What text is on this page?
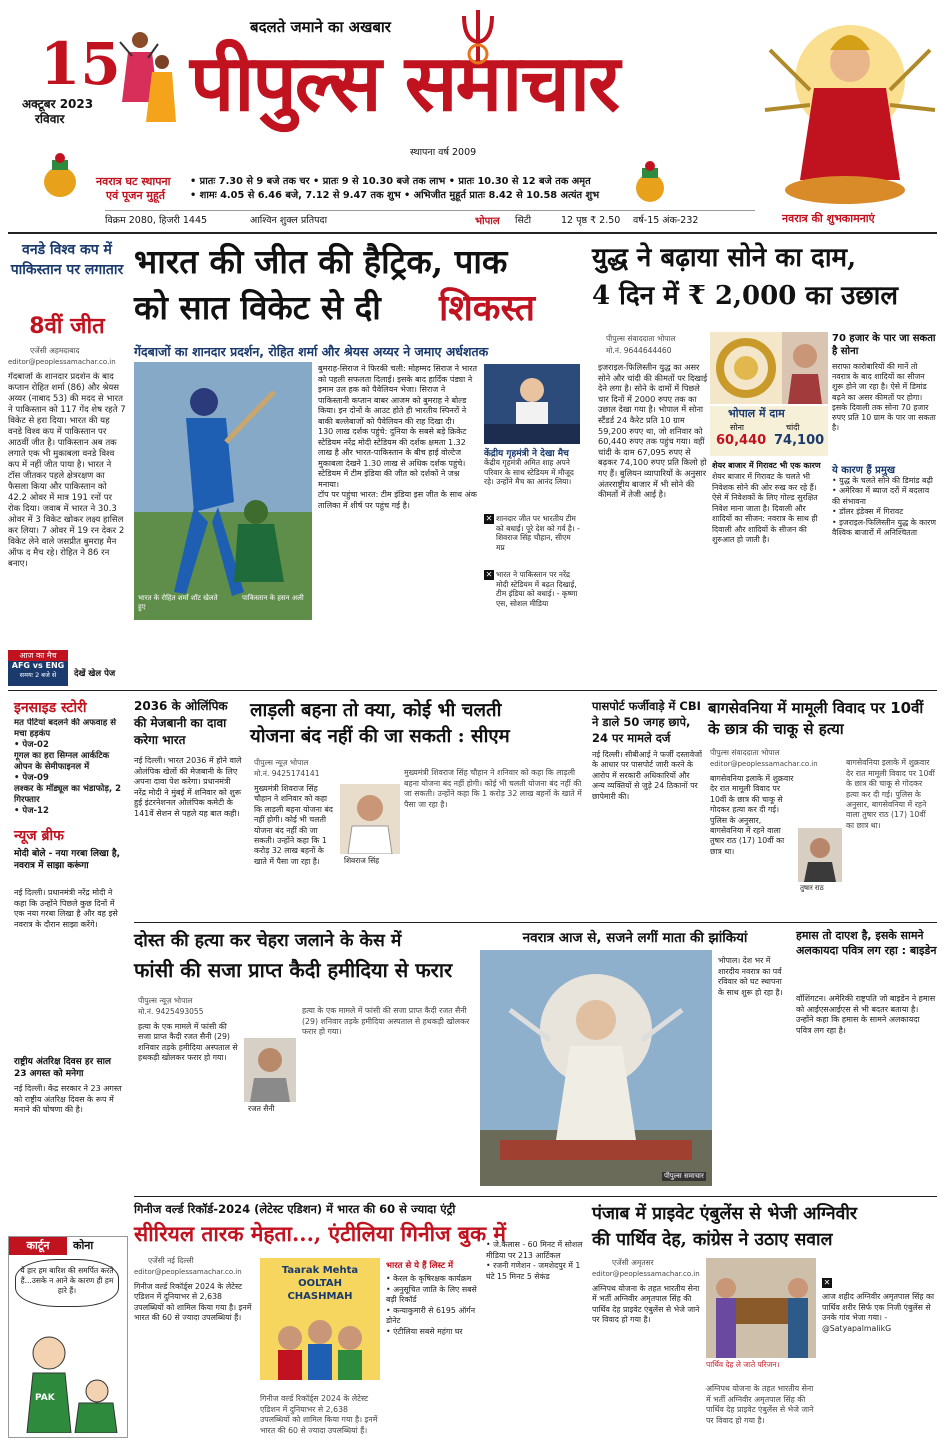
15
अक्टूबर 2023
रविवार
बदलते जमाने का अखबार
पीपुल्स समाचार
स्थापना वर्ष 2009
नवरात्र घट स्थापना
एवं पूजन मुहूर्त
• प्रातः 7.30 से 9 बजे तक चर • प्रातः 9 से 10.30 बजे तक लाभ • प्रातः 10.30 से 12 बजे तक अमृत
• शामः 4.05 से 6.46 बजे, 7.12 से 9.47 तक शुभ • अभिजीत मुहूर्त प्रातः 8.42 से 10.58 अत्यंत शुभ
विक्रम 2080, हिजरी 1445	आश्विन शुक्ल प्रतिपदा	भोपाल सिटी	12 पृष्ठ ₹ 2.50 वर्ष-15 अंक-232	नवरात्र की शुभकामनाएं
वनडे विश्व कप में पाकिस्तान पर लगातार
8वीं जीत
एजेंसी अहमदाबाद
editor@peoplessamachar.co.in
गेंदबाजों के शानदार प्रदर्शन के बाद कप्तान रोहित शर्मा (86) और श्रेयस अय्यर (नाबाद 53) की मदद से भारत ने पाकिस्तान को 117 गेंद शेष रहते 7 विकेट से हरा दिया। भारत की यह वनडे विश्व कप में पाकिस्तान पर आठवीं जीत है। पाकिस्तान अब तक लगाते एक भी मुकाबला वनडे विश्व कप में नहीं जीत पाया है। भारत ने टॉस जीतकर पहले क्षेत्ररक्षण का फैसला किया और पाकिस्तान को 42.2 ओवर में मात्र 191 रनों पर रोक दिया। जवाब में भारत ने 30.3 ओवर में 3 विकेट खोकर लक्ष्य हासिल कर लिया। 7 ओवर में 19 रन देकर 2 विकेट लेने वाले जसप्रीत बुमराह मैन ऑफ द मैच रहे। रोहित ने 86 रन बनाए।
आज का मैच
AFG vs ENG
समयः 2 बजे से	देखें खेल पेज
भारत की जीत की हैट्रिक, पाक
को सात विकेट से दी शिकस्त
गेंदबाजों का शानदार प्रदर्शन, रोहित शर्मा और श्रेयस अय्यर ने जमाए अर्धशतक
भारत के रोहित शर्मा शॉट खेलते हुए
पाकिस्तान के हसन अली
बुमराह-सिराज ने फिरकी चली: मोहम्मद सिराज ने भारत को पहली सफलता दिलाई। इसके बाद हार्दिक पंड्या ने इमाम उल हक को पैवेलियन भेजा। सिराज ने पाकिस्तानी कप्तान बाबर आजम को बुमराह ने बोल्ड किया। इन दोनों के आउट होते ही भारतीय स्पिनरों ने बाकी बल्लेबाजों को पैवेलियन की राह दिखा दी।
130 लाख दर्शक पहुंचे: दुनिया के सबसे बड़े क्रिकेट स्टेडियम नरेंद्र मोदी स्टेडियम की दर्शक क्षमता 1.32 लाख है और भारत-पाकिस्तान के बीच हाई वोल्टेज मुकाबला देखने 1.30 लाख से अधिक दर्शक पहुंचे। स्टेडियम में टीम इंडिया की जीत को दर्शकों ने जश्न मनाया।
टॉप पर पहुंचा भारत: टीम इंडिया इस जीत के साथ अंक तालिका में शीर्ष पर पहुंच गई है।
केंद्रीय गृहमंत्री ने देखा मैच
केंद्रीय गृहमंत्री अमित शाह अपने परिवार के साथ स्टेडियम में मौजूद रहे। उन्होंने मैच का आनंद लिया।
✕ शानदार जीत पर भारतीय टीम को बधाई। पूरे देश को गर्व है। - शिवराज सिंह चौहान, सीएम मप्र
✕ भारत ने पाकिस्तान पर नरेंद्र मोदी स्टेडियम में बढ़त दिखाई, टीम इंडिया को बधाई। - कृष्णा एस, सोशल मीडिया
युद्ध ने बढ़ाया सोने का दाम,
4 दिन में ₹ 2,000 का उछाल
पीपुल्स संवाददाता भोपाल
मो.नं. 9644644460
इजराइल-फिलिस्तीन युद्ध का असर सोने और चांदी की कीमतों पर दिखाई देने लगा है। सोने के दामों में पिछले चार दिनों में 2000 रुपए तक का उछाल देखा गया है। भोपाल में सोना स्टैंडर्ड 24 कैरेट प्रति 10 ग्राम 59,200 रुपए था, जो शनिवार को 60,440 रुपए तक पहुंच गया। वहीं चांदी के दाम 67,095 रुपए से बढ़कर 74,100 रुपए प्रति किलो हो गए हैं। बुलियन व्यापारियों के अनुसार अंतरराष्ट्रीय बाजार में भी सोने की कीमतों में तेजी आई है।
भोपाल में दाम
सोना
60,440
चांदी
74,100
शेयर बाजार में गिरावट भी एक कारण
शेयर बाजार में गिरावट के चलते भी निवेशक सोने की ओर रुख कर रहे हैं। ऐसे में निवेशकों के लिए गोल्ड सुरक्षित निवेश माना जाता है। दिवाली और शादियों का सीजन: नवरात्र के साथ ही दिवाली और शादियों के सीजन की शुरुआत हो जाती है।
70 हजार के पार जा सकता है सोना
सराफा कारोबारियों की मानें तो नवरात्र के बाद शादियों का सीजन शुरू होने जा रहा है। ऐसे में डिमांड बढ़ने का असर कीमतों पर होगा। इसके दिवाली तक सोना 70 हजार रुपए प्रति 10 ग्राम के पार जा सकता है।
ये कारण हैं प्रमुख
• युद्ध के चलते सोने की डिमांड बढ़ी
• अमेरिका में ब्याज दरों में बदलाव की संभावना
• डॉलर इंडेक्स में गिरावट
• इजराइल-फिलिस्तीन युद्ध के कारण वैश्विक बाजारों में अनिश्चितता
इनसाइड स्टोरी
मत पेटियां बदलने की अफवाह से मचा हड़कंप
• पेज-02
गूगल का हरा सिग्नल आर्कटिक ओपन के सेमीफाइनल में
• पेज-09
लश्कर के मॉड्यूल का भंडाफोड़, 2 गिरफ्तार
• पेज-12
न्यूज ब्रीफ
मोदी बोले - नया गरबा लिखा है, नवरात्र में साझा करूंगा
नई दिल्ली। प्रधानमंत्री नरेंद्र मोदी ने कहा कि उन्होंने पिछले कुछ दिनों में एक नया गरबा लिखा है और वह इसे नवरात्र के दौरान साझा करेंगे।
राष्ट्रीय अंतरिक्ष दिवस हर साल 23 अगस्त को मनेगा
नई दिल्ली। केंद्र सरकार ने 23 अगस्त को राष्ट्रीय अंतरिक्ष दिवस के रूप में मनाने की घोषणा की है।
2036 के ओलिंपिक की मेजबानी का दावा करेगा भारत
नई दिल्ली। भारत 2036 में होने वाले ओलंपिक खेलों की मेजबानी के लिए अपना दावा पेश करेगा। प्रधानमंत्री नरेंद्र मोदी ने मुंबई में शनिवार को शुरू हुई इंटरनेशनल ओलंपिक कमेटी के 141वें सेशन से पहले यह बात कही।
लाड़ली बहना तो क्या, कोई भी चलती
योजना बंद नहीं की जा सकती : सीएम
पीपुल्स न्यूज़ भोपाल
मो.नं. 9425174141
मुख्यमंत्री शिवराज सिंह चौहान ने शनिवार को कहा कि लाड़ली बहना योजना बंद नहीं होगी। कोई भी चलती योजना बंद नहीं की जा सकती। उन्होंने कहा कि 1 करोड़ 32 लाख बहनों के खाते में पैसा जा रहा है।	शिवराज सिंह

मुख्यमंत्री शिवराज सिंह चौहान ने शनिवार को कहा कि लाड़ली बहना योजना बंद नहीं होगी। कोई भी चलती योजना बंद नहीं की जा सकती। उन्होंने कहा कि 1 करोड़ 32 लाख बहनों के खाते में पैसा जा रहा है।

पासपोर्ट फर्जीवाड़े में CBI ने डाले 50 जगह छापे, 24 पर मामले दर्ज
नई दिल्ली। सीबीआई ने फर्जी दस्तावेजों के आधार पर पासपोर्ट जारी करने के आरोप में सरकारी अधिकारियों और अन्य व्यक्तियों से जुड़े 24 ठिकानों पर छापेमारी की।
बागसेवनिया में मामूली विवाद पर 10वीं के छात्र की चाकू से हत्या
पीपुल्स संवाददाता भोपाल
editor@peoplessamachar.co.in
बागसेवनिया इलाके में शुक्रवार देर रात मामूली विवाद पर 10वीं के छात्र की चाकू से गोदकर हत्या कर दी गई। पुलिस के अनुसार, बागसेवनिया में रहने वाला तुषार राठ (17) 10वीं का छात्र था।
तुषार राठ

बागसेवनिया इलाके में शुक्रवार देर रात मामूली विवाद पर 10वीं के छात्र की चाकू से गोदकर हत्या कर दी गई। पुलिस के अनुसार, बागसेवनिया में रहने वाला तुषार राठ (17) 10वीं का छात्र था।

दोस्त की हत्या कर चेहरा जलाने के केस में
फांसी की सजा प्राप्त कैदी हमीदिया से फरार
पीपुल्स न्यूज़ भोपाल
मो.नं. 9425493055
हत्या के एक मामले में फांसी की सजा प्राप्त कैदी रजत सैनी (29) शनिवार तड़के हमीदिया अस्पताल से हथकड़ी खोलकर फरार हो गया।
रजत सैनी

हत्या के एक मामले में फांसी की सजा प्राप्त कैदी रजत सैनी (29) शनिवार तड़के हमीदिया अस्पताल से हथकड़ी खोलकर फरार हो गया।

नवरात्र आज से, सजने लगीं माता की झांकियां
पीपुल्स समाचार
भोपाल। देश भर में शारदीय नवरात्र का पर्व रविवार को घट स्थापना के साथ शुरू हो रहा है।
हमास तो दाएश है, इसके सामने अलकायदा पवित्र लग रहा : बाइडेन
वॉशिंगटन। अमेरिकी राष्ट्रपति जो बाइडेन ने हमास को आईएसआईएस से भी बदतर बताया है। उन्होंने कहा कि हमास के सामने अलकायदा पवित्र लग रहा है।
गिनीज वर्ल्ड रिकॉर्ड-2024 (लेटेस्ट एडिशन) में भारत की 60 से ज्यादा एंट्री
सीरियल तारक मेहता..., एंटीलिया गिनीज बुक में
एजेंसी नई दिल्ली
editor@peoplessamachar.co.in
गिनीज वर्ल्ड रिकॉर्ड्स 2024 के लेटेस्ट एडिशन में दुनियाभर से 2,638 उपलब्धियों को शामिल किया गया है। इनमें भारत की 60 से ज्यादा उपलब्धियां हैं।
Taarak Mehta OOLTAH CHASHMAH

गिनीज वर्ल्ड रिकॉर्ड्स 2024 के लेटेस्ट एडिशन में दुनियाभर से 2,638 उपलब्धियों को शामिल किया गया है। इनमें भारत की 60 से ज्यादा उपलब्धियां हैं।

भारत से ये हैं लिस्ट में
• केरल के कृषिरक्षक कार्यक्रम
• अनुसूचित जाति के लिए सबसे बड़ी रिकॉर्ड
• कन्याकुमारी से 6195 ऑर्गन डोनेट
• एंटीलिया सबसे महंगा घर
• जे.कैलास - 60 मिनट में सोशल मीडिया पर 213 आर्टिकल
• रजनी गणेशन - जमशेदपुर में 1 घंटे 15 मिनट 5 सेकंड
कार्टून	कोना
ये हार हम बारिश की समर्पित करते हैं...उसके न आने के कारण ही हम हारे हैं।
PAK
पंजाब में प्राइवेट एंबुलेंस से भेजी अग्निवीर
की पार्थिव देह, कांग्रेस ने उठाए सवाल
एजेंसी अमृतसर
editor@peoplessamachar.co.in
अग्निपथ योजना के तहत भारतीय सेना में भर्ती अग्निवीर अमृतपाल सिंह की पार्थिव देह प्राइवेट एंबुलेंस से भेजे जाने पर विवाद हो गया है।
पार्थिव देह ले जाते परिजन।

अग्निपथ योजना के तहत भारतीय सेना में भर्ती अग्निवीर अमृतपाल सिंह की पार्थिव देह प्राइवेट एंबुलेंस से भेजे जाने पर विवाद हो गया है।

✕
आज शहीद अग्निवीर अमृतपाल सिंह का पार्थिव शरीर सिर्फ एक निजी एंबुलेंस से उनके गांव भेजा गया। - @SatyapalmalikG
